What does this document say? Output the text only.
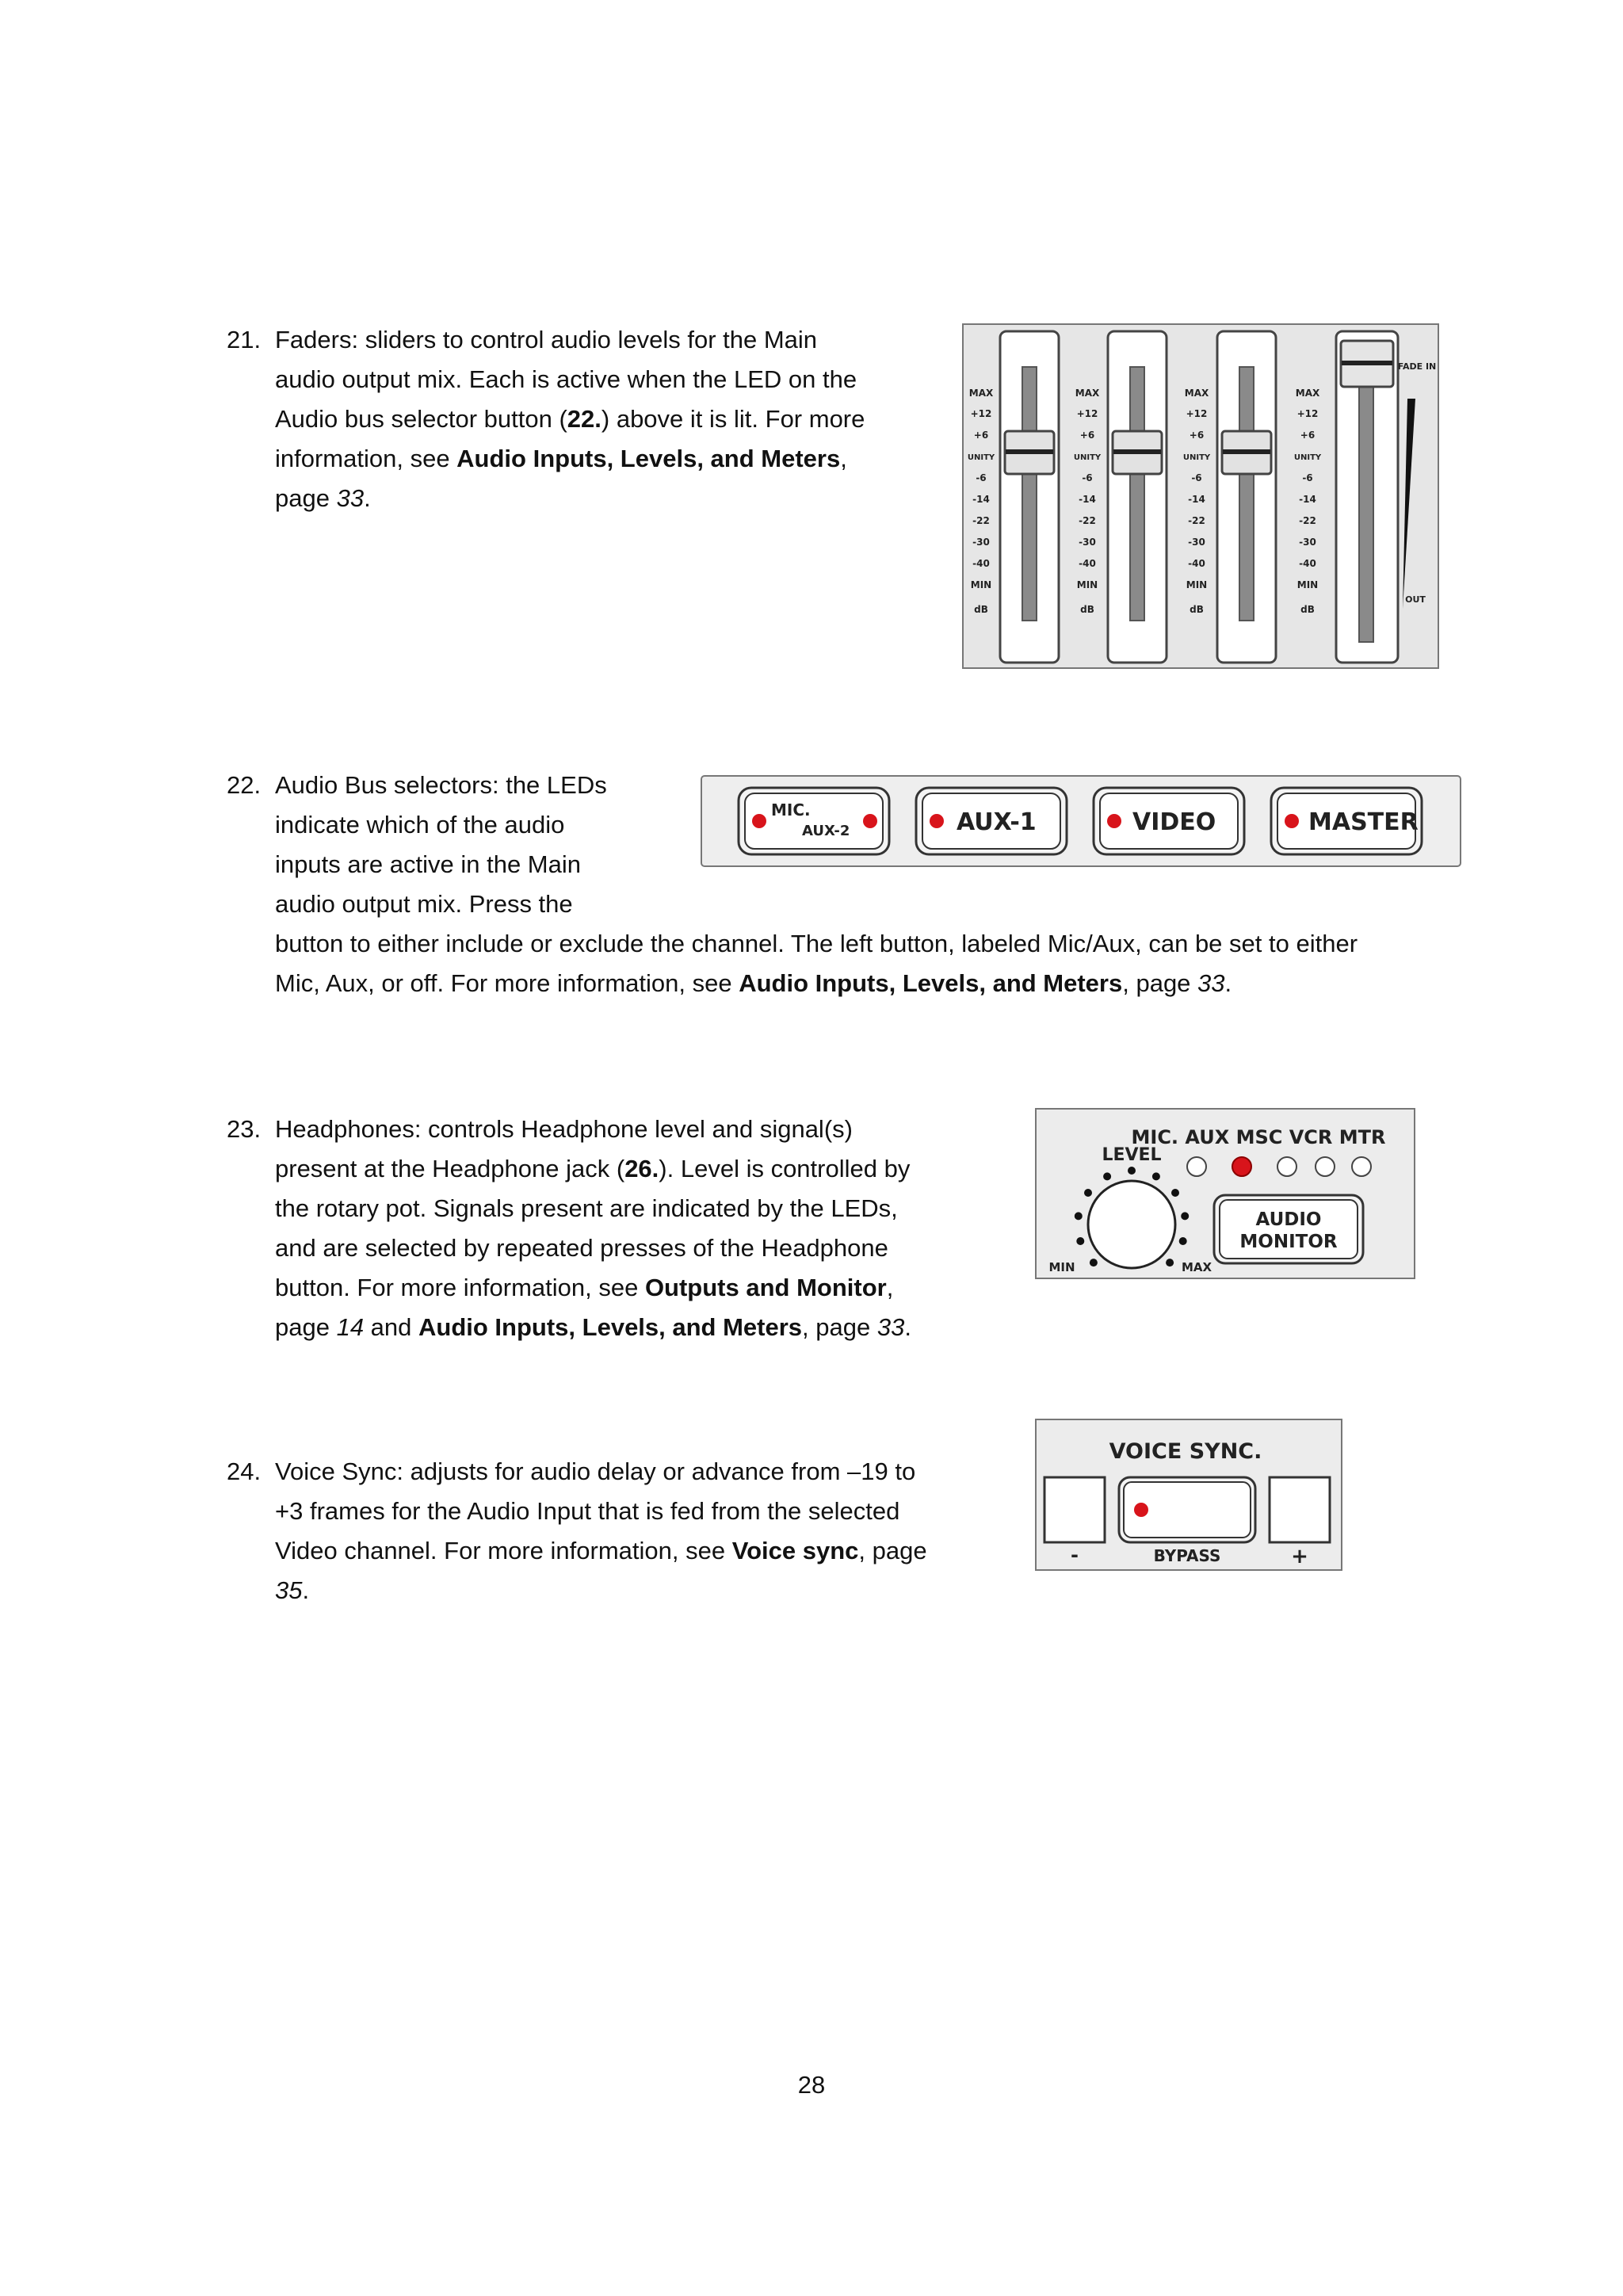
21. Faders: sliders to control audio levels for the Main
audio output mix. Each is active when the LED on the
Audio bus selector button (22.) above it is lit. For more
information, see Audio Inputs, Levels, and Meters,
page 33.
MAX
+12
+6
UNITY
-6
-14
-22
-30
-40
MIN
dB
MAX
+12
+6
UNITY
-6
-14
-22
-30
-40
MIN
dB
MAX
+12
+6
UNITY
-6
-14
-22
-30
-40
MIN
dB
MAX
+12
+6
UNITY
-6
-14
-22
-30
-40
MIN
dB
FADE IN
OUT
22. Audio Bus selectors: the LEDs
indicate which of the audio
inputs are active in the Main
audio output mix. Press the
button to either include or exclude the channel. The left button, labeled Mic/Aux, can be set to either
Mic, Aux, or off. For more information, see Audio Inputs, Levels, and Meters, page 33.
MIC.
AUX-2	AUX-1	VIDEO	MASTER
23. Headphones: controls Headphone level and signal(s)
present at the Headphone jack (26.). Level is controlled by
the rotary pot. Signals present are indicated by the LEDs,
and are selected by repeated presses of the Headphone
button. For more information, see Outputs and Monitor,
page 14 and Audio Inputs, Levels, and Meters, page 33.
MIC. AUX MSC VCR MTR
LEVEL
MIN	MAX
AUDIO
MONITOR
24. Voice Sync: adjusts for audio delay or advance from –19 to
+3 frames for the Audio Input that is fed from the selected
Video channel. For more information, see Voice sync, page
35.
VOICE SYNC.
-	BYPASS	+
28
